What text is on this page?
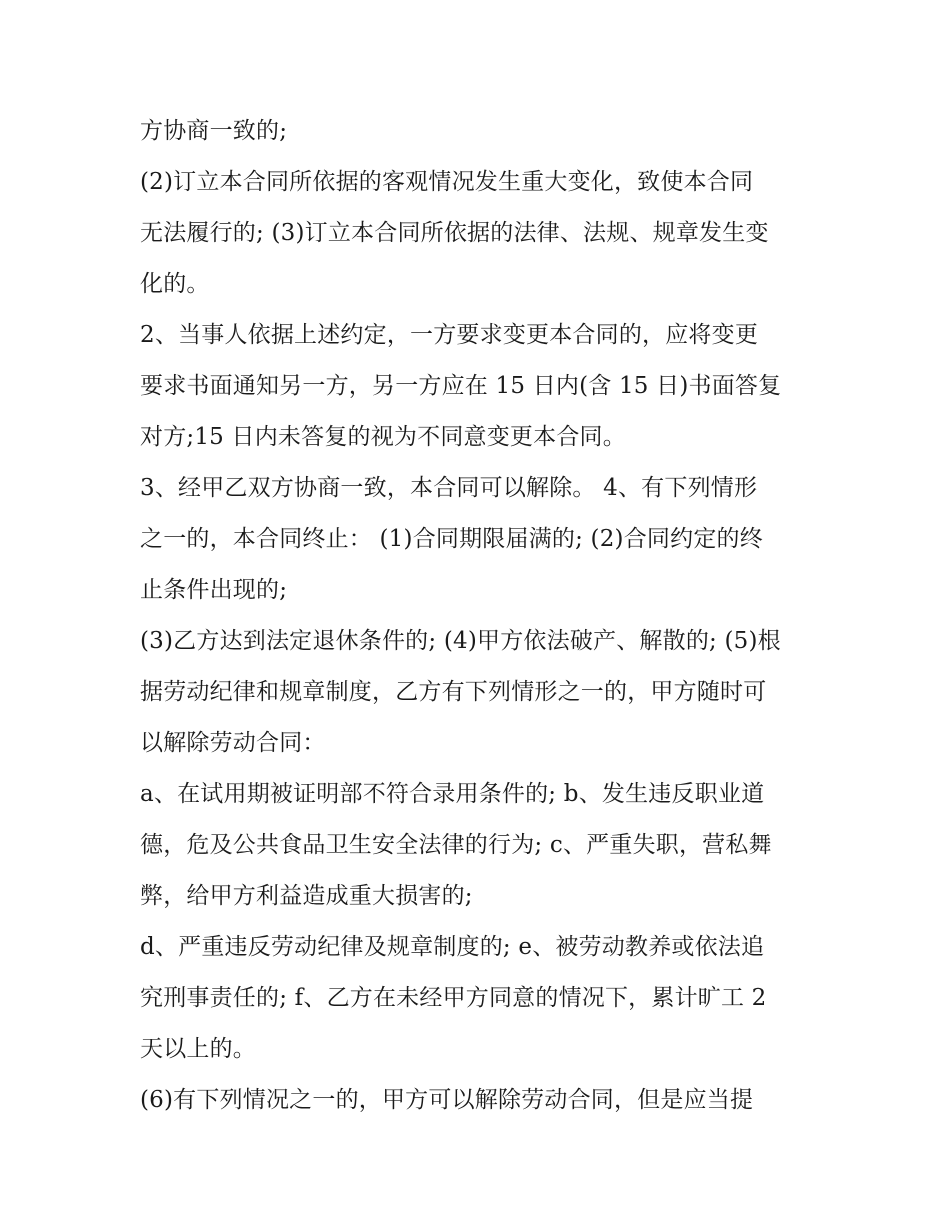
方协商一致的;
(2)订立本合同所依据的客观情况发生重大变化，致使本合同
无法履行的; (3)订立本合同所依据的法律、法规、规章发生变
化的。
2、当事人依据上述约定，一方要求变更本合同的，应将变更
要求书面通知另一方，另一方应在 15 日内(含 15 日)书面答复
对方;15 日内未答复的视为不同意变更本合同。
3、经甲乙双方协商一致，本合同可以解除。 4、有下列情形
之一的，本合同终止： (1)合同期限届满的; (2)合同约定的终
止条件出现的;
(3)乙方达到法定退休条件的; (4)甲方依法破产、解散的; (5)根
据劳动纪律和规章制度，乙方有下列情形之一的，甲方随时可
以解除劳动合同：
a、在试用期被证明部不符合录用条件的; b、发生违反职业道
德，危及公共食品卫生安全法律的行为; c、严重失职，营私舞
弊，给甲方利益造成重大损害的;
d、严重违反劳动纪律及规章制度的; e、被劳动教养或依法追
究刑事责任的; f、乙方在未经甲方同意的情况下，累计旷工 2
天以上的。
(6)有下列情况之一的，甲方可以解除劳动合同，但是应当提
